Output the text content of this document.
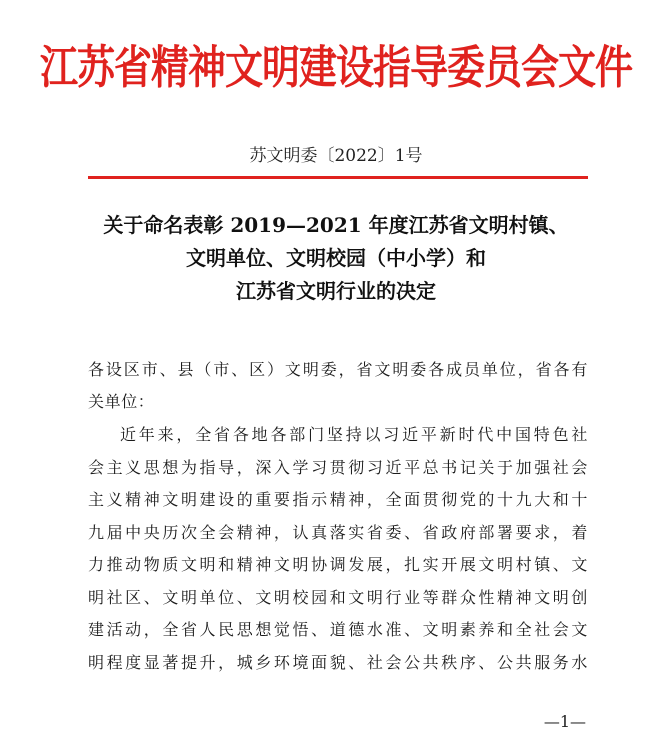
江苏省精神文明建设指导委员会文件
苏文明委〔2022〕1号
关于命名表彰 2019—2021 年度江苏省文明村镇、
文明单位、文明校园（中小学）和
江苏省文明行业的决定
各设区市、县（市、区）文明委，省文明委各成员单位，省各有
关单位：
近年来，全省各地各部门坚持以习近平新时代中国特色社
会主义思想为指导，深入学习贯彻习近平总书记关于加强社会
主义精神文明建设的重要指示精神，全面贯彻党的十九大和十
九届中央历次全会精神，认真落实省委、省政府部署要求，着
力推动物质文明和精神文明协调发展，扎实开展文明村镇、文
明社区、文明单位、文明校园和文明行业等群众性精神文明创
建活动，全省人民思想觉悟、道德水准、文明素养和全社会文
明程度显著提升，城乡环境面貌、社会公共秩序、公共服务水
—1—
